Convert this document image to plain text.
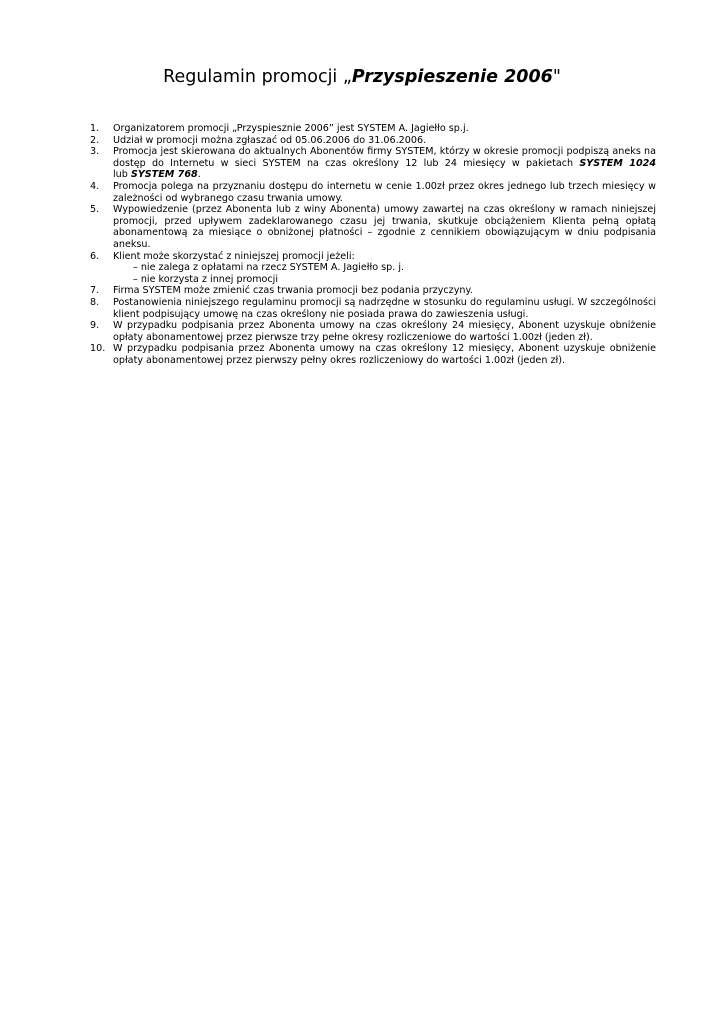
Regulamin promocji „Przyspieszenie 2006"
1. Organizatorem promocji „Przyspiesznie 2006” jest SYSTEM A. Jagiełło sp.j.
2. Udział w promocji można zgłaszać od 05.06.2006 do 31.06.2006.
3. Promocja jest skierowana do aktualnych Abonentów firmy SYSTEM, którzy w okresie promocji podpiszą aneks na dostęp do Internetu w sieci SYSTEM na czas określony 12 lub 24 miesięcy w pakietach SYSTEM 1024
lub SYSTEM 768.
4. Promocja polega na przyznaniu dostępu do internetu w cenie 1.00zł przez okres jednego lub trzech miesięcy w zależności od wybranego czasu trwania umowy.
5. Wypowiedzenie (przez Abonenta lub z winy Abonenta) umowy zawartej na czas określony w ramach niniejszej promocji, przed upływem zadeklarowanego czasu jej trwania, skutkuje obciążeniem Klienta pełną opłatą abonamentową za miesiące o obniżonej płatności – zgodnie z cennikiem obowiązującym w dniu podpisania aneksu.
6. Klient może skorzystać z niniejszej promocji jeżeli:
– nie zalega z opłatami na rzecz SYSTEM A. Jagiełło sp. j.
– nie korzysta z innej promocji
7. Firma SYSTEM może zmienić czas trwania promocji bez podania przyczyny.
8. Postanowienia niniejszego regulaminu promocji są nadrzędne w stosunku do regulaminu usługi. W szczególności klient podpisujący umowę na czas określony nie posiada prawa do zawieszenia usługi.
9. W przypadku podpisania przez Abonenta umowy na czas określony 24 miesięcy, Abonent uzyskuje obniżenie opłaty abonamentowej przez pierwsze trzy pełne okresy rozliczeniowe do wartości 1.00zł (jeden zł).
10. W przypadku podpisania przez Abonenta umowy na czas określony 12 miesięcy, Abonent uzyskuje obniżenie opłaty abonamentowej przez pierwszy pełny okres rozliczeniowy do wartości 1.00zł (jeden zł).
